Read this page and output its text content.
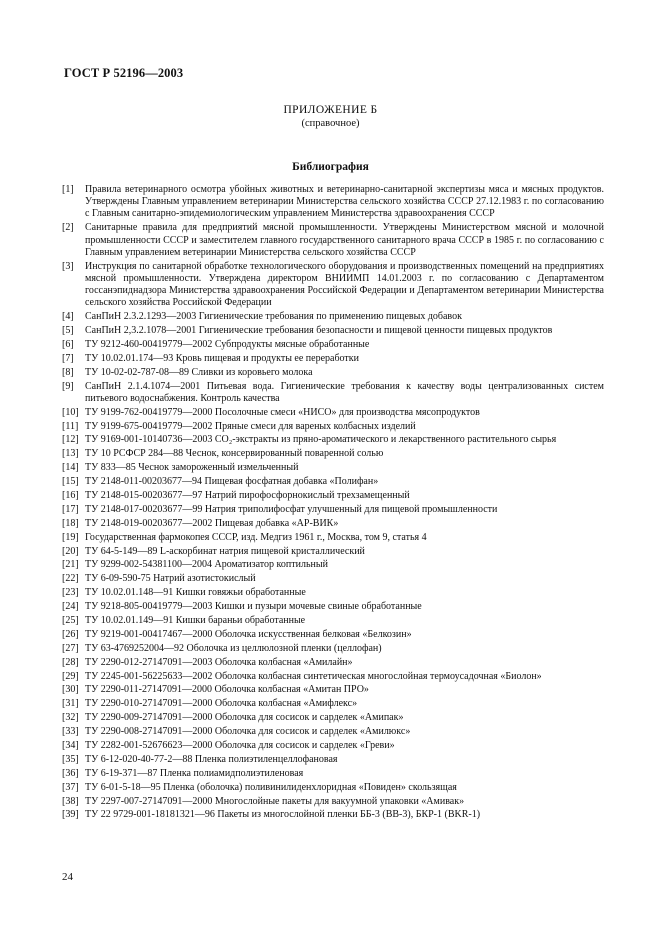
ГОСТ Р 52196—2003
ПРИЛОЖЕНИЕ Б
(справочное)
Библиография
[1]	Правила ветеринарного осмотра убойных животных и ветеринарно-санитарной экспертизы мяса и мясных продуктов. Утверждены Главным управлением ветеринарии Министерства сельского хозяйства СССР 27.12.1983 г. по согласованию с Главным санитарно-эпидемиологическим управлением Министерства здравоохранения СССР
[2]	Санитарные правила для предприятий мясной промышленности. Утверждены Министерством мясной и молочной промышленности СССР и заместителем главного государственного санитарного врача СССР в 1985 г. по согласованию с Главным управлением ветеринарии Министерства сельского хозяйства СССР
[3]	Инструкция по санитарной обработке технологического оборудования и производственных помещений на предприятиях мясной промышленности. Утверждена директором ВНИИМП 14.01.2003 г. по согласованию с Департаментом госсанэпиднадзора Министерства здравоохранения Российской Федерации и Департаментом ветеринарии Министерства сельского хозяйства Российской Федерации
[4]	СанПиН 2.3.2.1293—2003 Гигиенические требования по применению пищевых добавок
[5]	СанПиН 2,3.2.1078—2001 Гигиенические требования безопасности и пищевой ценности пищевых продуктов
[6]	ТУ 9212-460-00419779—2002 Субпродукты мясные обработанные
[7]	ТУ 10.02.01.174—93 Кровь пищевая и продукты ее переработки
[8]	ТУ 10-02-02-787-08—89 Сливки из коровьего молока
[9]	СанПиН 2.1.4.1074—2001 Питьевая вода. Гигиенические требования к качеству воды централизованных систем питьевого водоснабжения. Контроль качества
[10] ТУ 9199-762-00419779—2000 Посолочные смеси «НИСО» для производства мясопродуктов
[11] ТУ 9199-675-00419779—2002 Пряные смеси для вареных колбасных изделий
[12] ТУ 9169-001-10140736—2003 CO₂-экстракты из пряно-ароматического и лекарственного растительного сырья
[13] ТУ 10 РСФСР 284—88 Чеснок, консервированный поваренной солью
[14] ТУ 833—85 Чеснок замороженный измельченный
[15] ТУ 2148-011-00203677—94 Пищевая фосфатная добавка «Полифан»
[16] ТУ 2148-015-00203677—97 Натрий пирофосфорнокислый трехзамещенный
[17] ТУ 2148-017-00203677—99 Натрия триполифосфат улучшенный для пищевой промышленности
[18] ТУ 2148-019-00203677—2002 Пищевая добавка «АР-ВИК»
[19] Государственная фармокопея СССР, изд. Медгиз 1961 г., Москва, том 9, статья 4
[20] ТУ 64-5-149—89 L-аскорбинат натрия пищевой кристаллический
[21] ТУ 9299-002-54381100—2004 Ароматизатор коптильный
[22] ТУ 6-09-590-75 Натрий азотистокислый
[23] ТУ 10.02.01.148—91 Кишки говяжьи обработанные
[24] ТУ 9218-805-00419779—2003 Кишки и пузыри мочевые свиные обработанные
[25] ТУ 10.02.01.149—91 Кишки бараньи обработанные
[26] ТУ 9219-001-00417467—2000 Оболочка искусственная белковая «Белкозин»
[27] ТУ 63-4769252004—92 Оболочка из целлюлозной пленки (целлофан)
[28] ТУ 2290-012-27147091—2003 Оболочка колбасная «Амилайн»
[29] ТУ 2245-001-56225633—2002 Оболочка колбасная синтетическая многослойная термоусадочная «Биолон»
[30] ТУ 2290-011-27147091—2000 Оболочка колбасная «Амитан ПРО»
[31] ТУ 2290-010-27147091—2000 Оболочка колбасная «Амифлекс»
[32] ТУ 2290-009-27147091—2000 Оболочка для сосисок и сарделек «Амипак»
[33] ТУ 2290-008-27147091—2000 Оболочка для сосисок и сарделек «Амилюкс»
[34] ТУ 2282-001-52676623—2000 Оболочка для сосисок и сарделек «Греви»
[35] ТУ 6-12-020-40-77-2—88 Пленка полиэтиленцеллофановая
[36] ТУ 6-19-371—87 Пленка полиамидполиэтиленовая
[37] ТУ 6-01-5-18—95 Пленка (оболочка) поливинилиденхлоридная «Повиден» скользящая
[38] ТУ 2297-007-27147091—2000 Многослойные пакеты для вакуумной упаковки «Амивак»
[39] ТУ 22 9729-001-18181321—96 Пакеты из многослойной пленки ББ-3 (BB-3), БКР-1 (BKR-1)
24
